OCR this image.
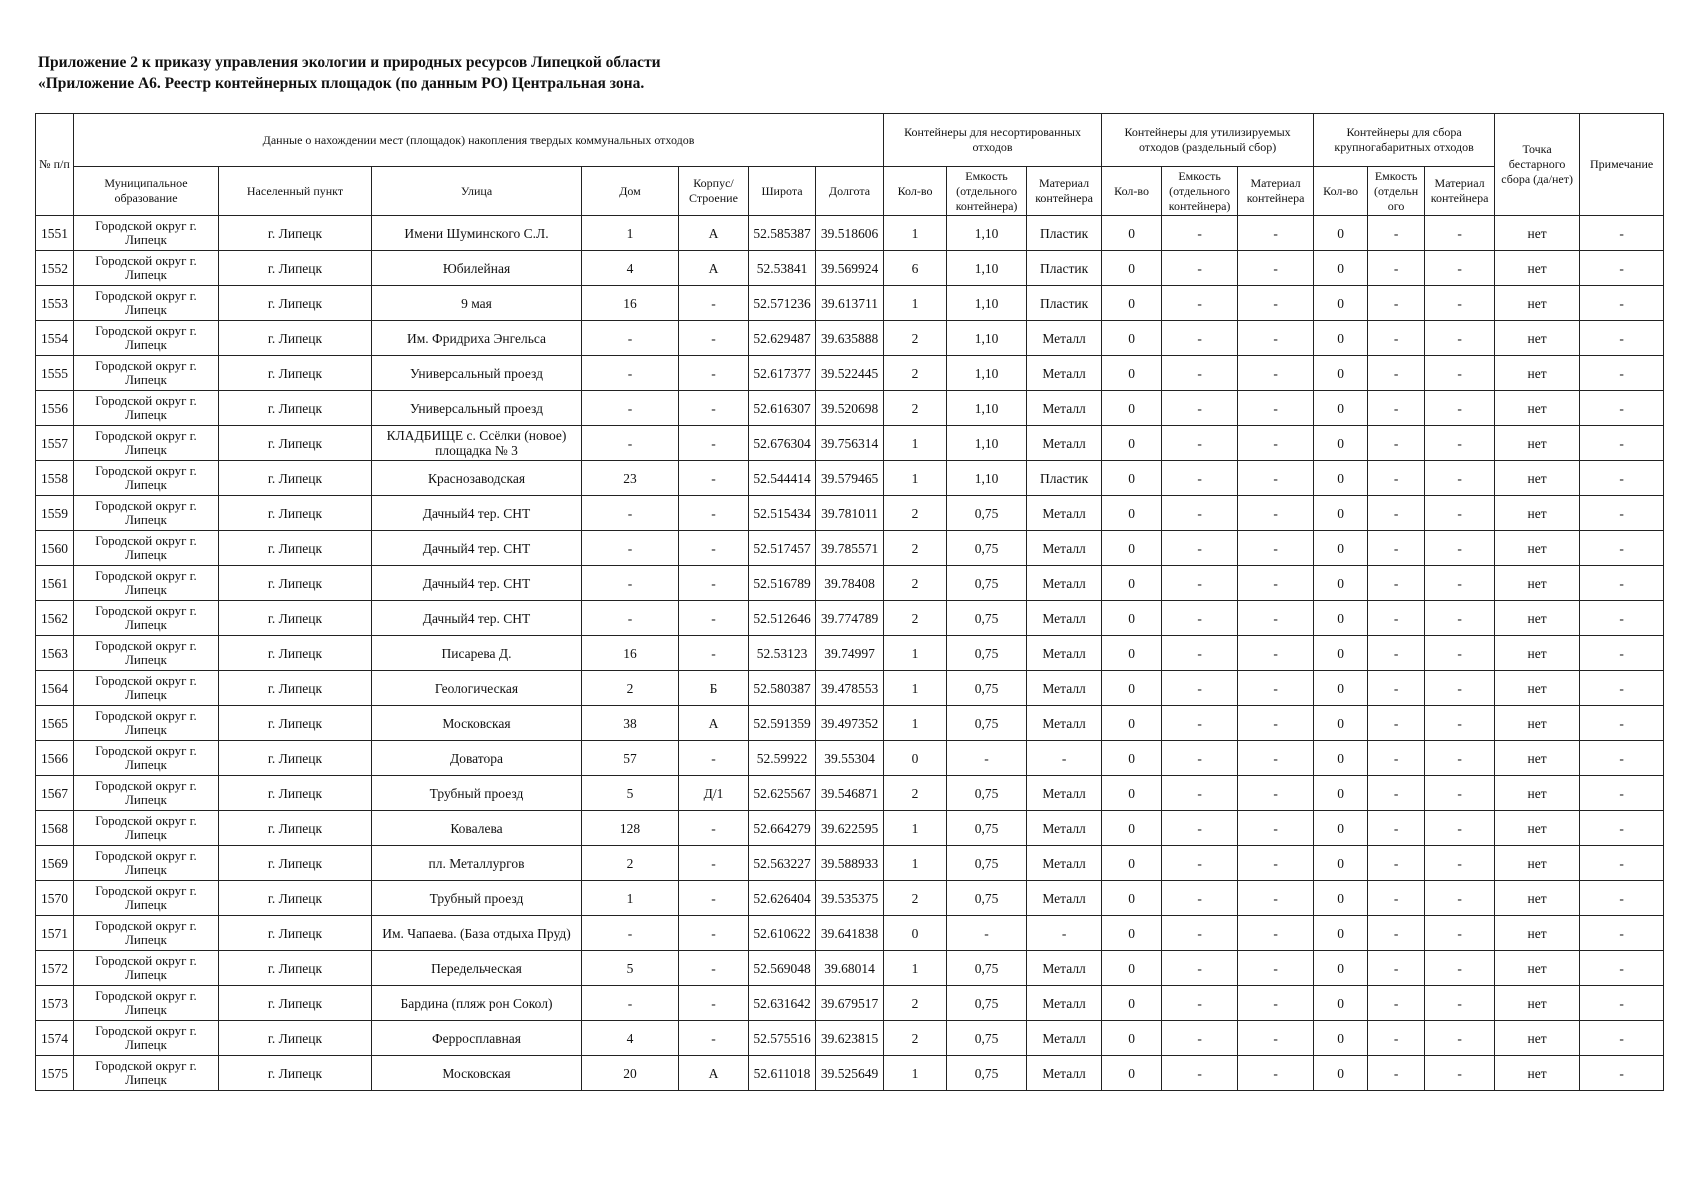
Приложение 2 к приказу управления экологии и природных ресурсов Липецкой области
«Приложение А6. Реестр контейнерных площадок (по данным РО) Центральная зона.
№ п/п	Данные о нахождении мест (площадок) накопления твердых коммунальных отходов							Контейнеры для несортированных отходов			Контейнеры для утилизируемых отходов (раздельный сбор)			Контейнеры для сбора крупногабаритных отходов			Точка бестарного сбора (да/нет)	Примечание
	Муниципальное образование	Населенный пункт	Улица	Дом	Корпус/ Строение	Широта	Долгота	Кол-во	Емкость (отдельного контейнера)	Материал контейнера	Кол-во	Емкость (отдельного контейнера)	Материал контейнера	Кол-во	Емкость (отдельн ого	Материал контейнера		
1551	Городской округ г. Липецк	г. Липецк	Имени Шуминского С.Л.	1	А	52.585387	39.518606	1	1,10	Пластик	0	-	-	0	-	-	нет	-
1552	Городской округ г. Липецк	г. Липецк	Юбилейная	4	А	52.53841	39.569924	6	1,10	Пластик	0	-	-	0	-	-	нет	-
1553	Городской округ г. Липецк	г. Липецк	9 мая	16	-	52.571236	39.613711	1	1,10	Пластик	0	-	-	0	-	-	нет	-
1554	Городской округ г. Липецк	г. Липецк	Им. Фридриха Энгельса	-	-	52.629487	39.635888	2	1,10	Металл	0	-	-	0	-	-	нет	-
1555	Городской округ г. Липецк	г. Липецк	Универсальный проезд	-	-	52.617377	39.522445	2	1,10	Металл	0	-	-	0	-	-	нет	-
1556	Городской округ г. Липецк	г. Липецк	Универсальный проезд	-	-	52.616307	39.520698	2	1,10	Металл	0	-	-	0	-	-	нет	-
1557	Городской округ г. Липецк	г. Липецк	КЛАДБИЩЕ с. Ссёлки (новое) площадка № 3	-	-	52.676304	39.756314	1	1,10	Металл	0	-	-	0	-	-	нет	-
1558	Городской округ г. Липецк	г. Липецк	Краснозаводская	23	-	52.544414	39.579465	1	1,10	Пластик	0	-	-	0	-	-	нет	-
1559	Городской округ г. Липецк	г. Липецк	Дачный4 тер. СНТ	-	-	52.515434	39.781011	2	0,75	Металл	0	-	-	0	-	-	нет	-
1560	Городской округ г. Липецк	г. Липецк	Дачный4 тер. СНТ	-	-	52.517457	39.785571	2	0,75	Металл	0	-	-	0	-	-	нет	-
1561	Городской округ г. Липецк	г. Липецк	Дачный4 тер. СНТ	-	-	52.516789	39.78408	2	0,75	Металл	0	-	-	0	-	-	нет	-
1562	Городской округ г. Липецк	г. Липецк	Дачный4 тер. СНТ	-	-	52.512646	39.774789	2	0,75	Металл	0	-	-	0	-	-	нет	-
1563	Городской округ г. Липецк	г. Липецк	Писарева Д.	16	-	52.53123	39.74997	1	0,75	Металл	0	-	-	0	-	-	нет	-
1564	Городской округ г. Липецк	г. Липецк	Геологическая	2	Б	52.580387	39.478553	1	0,75	Металл	0	-	-	0	-	-	нет	-
1565	Городской округ г. Липецк	г. Липецк	Московская	38	А	52.591359	39.497352	1	0,75	Металл	0	-	-	0	-	-	нет	-
1566	Городской округ г. Липецк	г. Липецк	Доватора	57	-	52.59922	39.55304	0	-	-	0	-	-	0	-	-	нет	-
1567	Городской округ г. Липецк	г. Липецк	Трубный проезд	5	Д/1	52.625567	39.546871	2	0,75	Металл	0	-	-	0	-	-	нет	-
1568	Городской округ г. Липецк	г. Липецк	Ковалева	128	-	52.664279	39.622595	1	0,75	Металл	0	-	-	0	-	-	нет	-
1569	Городской округ г. Липецк	г. Липецк	пл. Металлургов	2	-	52.563227	39.588933	1	0,75	Металл	0	-	-	0	-	-	нет	-
1570	Городской округ г. Липецк	г. Липецк	Трубный проезд	1	-	52.626404	39.535375	2	0,75	Металл	0	-	-	0	-	-	нет	-
1571	Городской округ г. Липецк	г. Липецк	Им. Чапаева. (База отдыха Пруд)	-	-	52.610622	39.641838	0	-	-	0	-	-	0	-	-	нет	-
1572	Городской округ г. Липецк	г. Липецк	Передельческая	5	-	52.569048	39.68014	1	0,75	Металл	0	-	-	0	-	-	нет	-
1573	Городской округ г. Липецк	г. Липецк	Бардина (пляж рон Сокол)	-	-	52.631642	39.679517	2	0,75	Металл	0	-	-	0	-	-	нет	-
1574	Городской округ г. Липецк	г. Липецк	Ферросплавная	4	-	52.575516	39.623815	2	0,75	Металл	0	-	-	0	-	-	нет	-
1575	Городской округ г. Липецк	г. Липецк	Московская	20	А	52.611018	39.525649	1	0,75	Металл	0	-	-	0	-	-	нет	-
